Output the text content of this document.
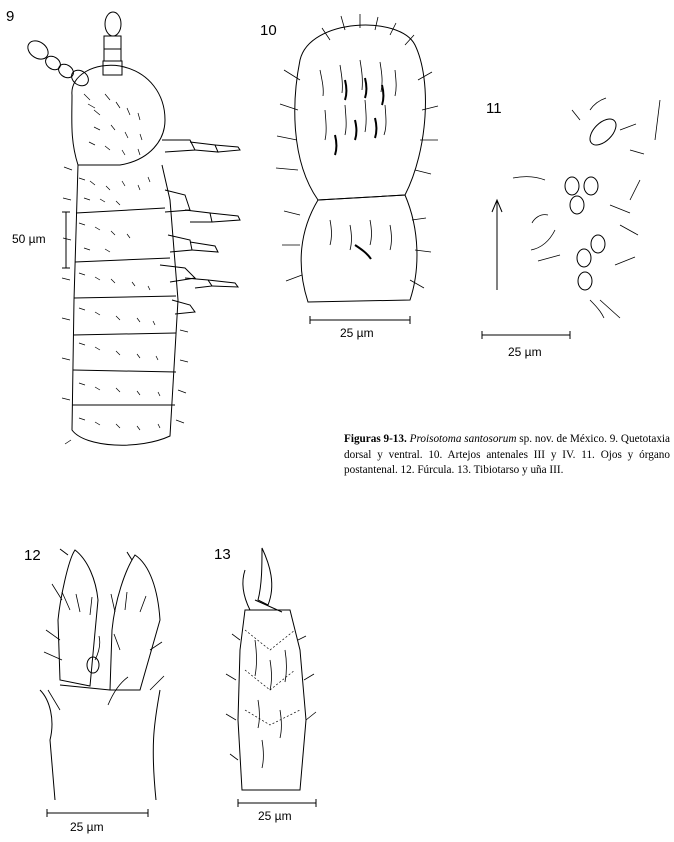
9
10
11
12	13
50 µm
25 µm
25 µm
25 µm
25 µm
Figuras 9-13. Proisotoma santosorum sp. nov. de México. 9. Quetotaxia dorsal y ventral. 10. Artejos antenales III y IV. 11. Ojos y órgano postantenal. 12. Fúrcula. 13. Tibiotarso y uña III.
